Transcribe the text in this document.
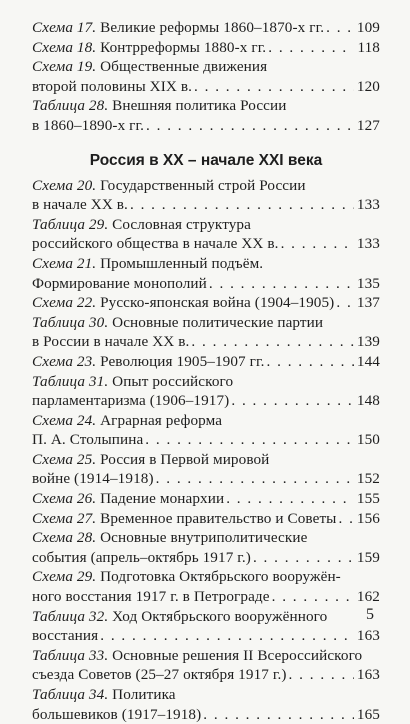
Схема 17. Великие реформы 1860–1870-х гг. . . . 109
Схема 18. Контрреформы 1880-х гг. . . .	118
Схема 19. Общественные движения
второй половины XIX в. . . .	120
Таблица 28. Внешняя политика России
в 1860–1890-х гг. . . .	127
Россия в XX – начале XXI века
Схема 20. Государственный строй России
в начале XX в. . . .	133
Таблица 29. Сословная структура
российского общества в начале XX в. . . .	133
Схема 21. Промышленный подъём.
Формирование монополий . . .	135
Схема 22. Русско-японская война (1904–1905) . . . 137
Таблица 30. Основные политические партии
в России в начале XX в. . . .	139
Схема 23. Революция 1905–1907 гг. . . .	144
Таблица 31. Опыт российского
парламентаризма (1906–1917) . . .	148
Схема 24. Аграрная реформа
П. А. Столыпина . . .	150
Схема 25. Россия в Первой мировой
войне (1914–1918) . . .	152
Схема 26. Падение монархии . . .	155
Схема 27. Временное правительство и Советы . . . 156
Схема 28. Основные внутриполитические
события (апрель–октябрь 1917 г.) . . .	159
Схема 29. Подготовка Октябрьского вооружён-
ного восстания 1917 г. в Петрограде . . .	162
Таблица 32. Ход Октябрьского вооружённого
восстания . . .	163
Таблица 33. Основные решения II Всероссийского
съезда Советов (25–27 октября 1917 г.) . . .	163
Таблица 34. Политика
большевиков (1917–1918) . . .	165
5
